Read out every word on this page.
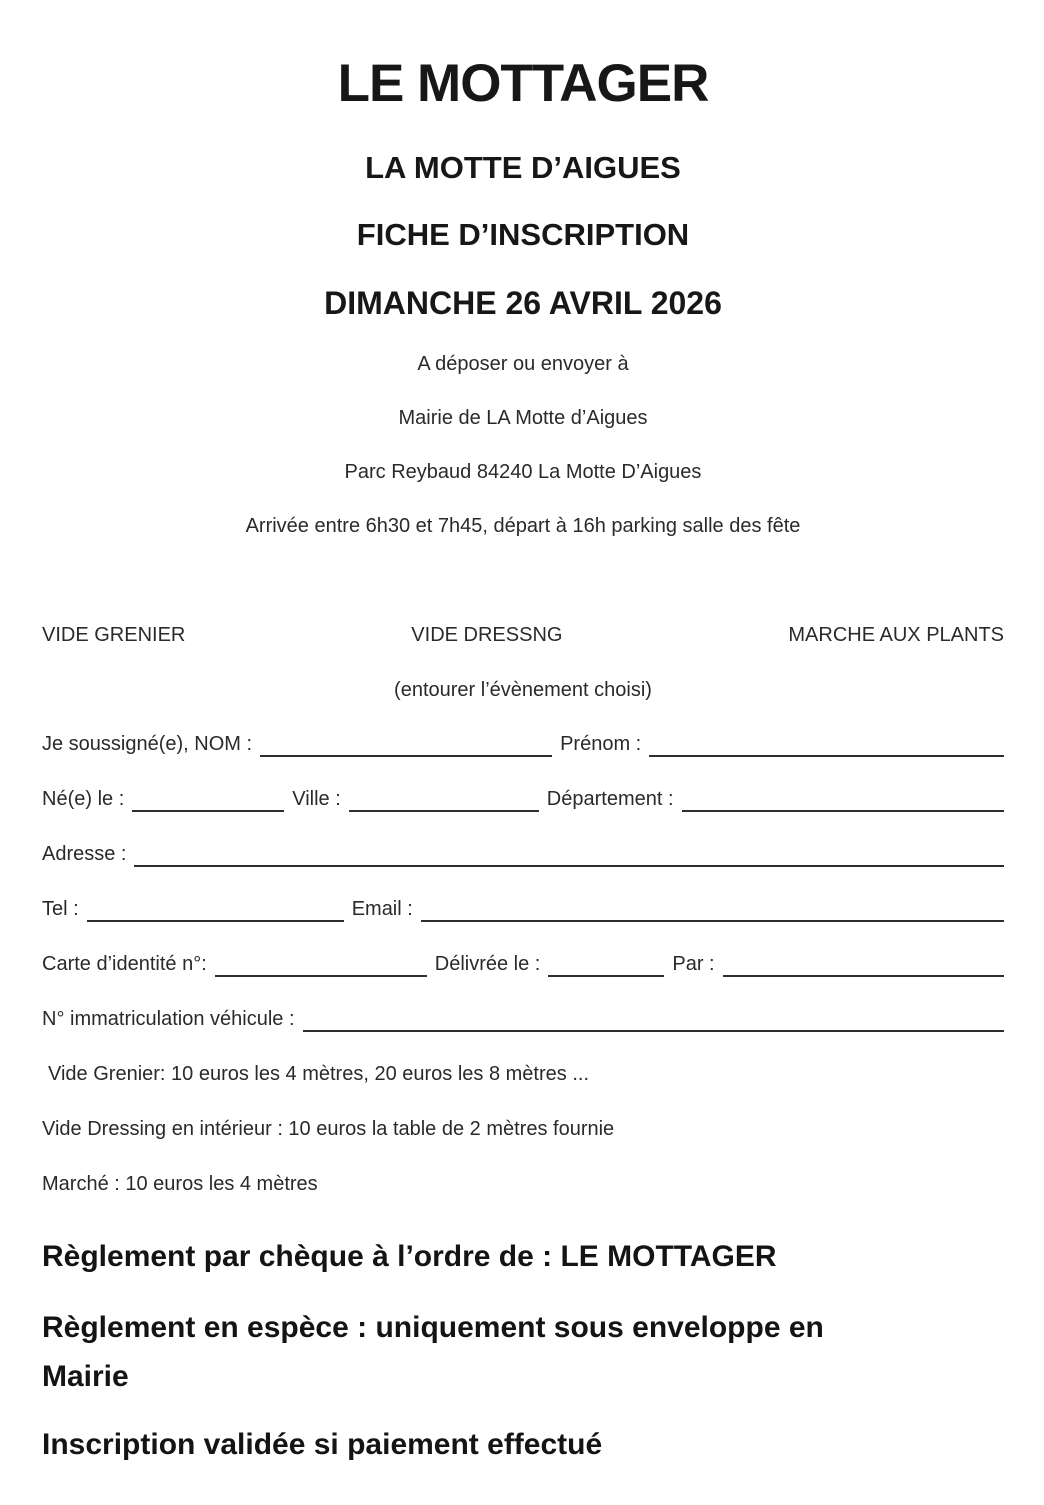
LE MOTTAGER
LA MOTTE D’AIGUES
FICHE D’INSCRIPTION
DIMANCHE 26 AVRIL 2026

A déposer ou envoyer à

Mairie de LA Motte d’Aigues

Parc Reybaud 84240 La Motte D’Aigues

Arrivée entre 6h30 et 7h45, départ à 16h parking salle des fête

VIDE GRENIER	VIDE DRESSNG	MARCHE AUX PLANTS
(entourer l’évènement choisi)
Je soussigné(e), NOM :	Prénom :
Né(e) le :	Ville :	Département :
Adresse :
Tel :	Email :
Carte d’identité n°:	Délivrée le :	Par :
N° immatriculation véhicule :

Vide Grenier: 10 euros les 4 mètres, 20 euros les 8 mètres ...

Vide Dressing en intérieur : 10 euros la table de 2 mètres fournie

Marché : 10 euros les 4 mètres

Règlement par chèque à l’ordre de : LE MOTTAGER
Règlement en espèce : uniquement sous enveloppe en
Mairie
Inscription validée si paiement effectué
